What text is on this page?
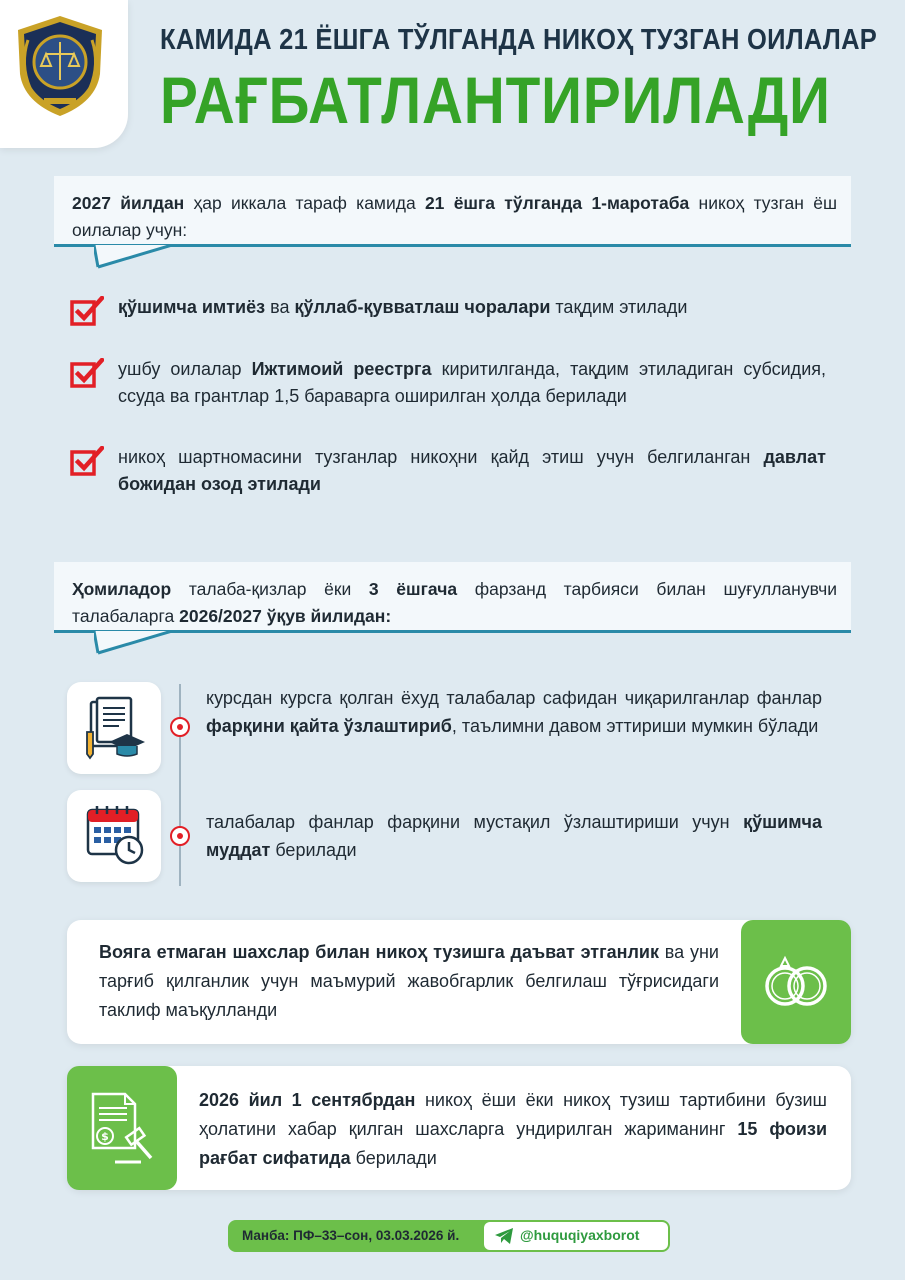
КАМИДА 21 ЁШГА ТЎЛГАНДА НИКОҲ ТУЗГАН ОИЛАЛАР
РАҒБАТЛАНТИРИЛАДИ

2027 йилдан ҳар иккала тараф камида 21 ёшга тўлганда 1-маротаба никоҳ тузган ёш оилалар учун:

қўшимча имтиёз ва қўллаб-қувватлаш чоралари тақдим этилади

ушбу оилалар Ижтимоий реестрга киритилганда, тақдим этиладиган субсидия, ссуда ва грантлар 1,5 бараварга оширилган ҳолда берилади

никоҳ шартномасини тузганлар никоҳни қайд этиш учун белгиланган давлат божидан озод этилади

Ҳомиладор талаба-қизлар ёки 3 ёшгача фарзанд тарбияси билан шуғулланувчи талабаларга 2026/2027 ўқув йилидан:

курсдан курсга қолган ёхуд талабалар сафидан чиқарилганлар фанлар фарқини қайта ўзлаштириб, таълимни давом эттириши мумкин бўлади

талабалар фанлар фарқини мустақил ўзлаштириши учун қўшимча муддат берилади

Вояга етмаган шахслар билан никоҳ тузишга даъват этганлик ва уни тарғиб қилганлик учун маъмурий жавобгарлик белгилаш тўғрисидаги таклиф маъқулланди

$

2026 йил 1 сентябрдан никоҳ ёши ёки никоҳ тузиш тартибини бузиш ҳолатини хабар қилган шахсларга ундирилган жариманинг 15 фоизи рағбат сифатида берилади

Манба: ПФ–33–сон, 03.03.2026 й.	@huquqiyaxborot
